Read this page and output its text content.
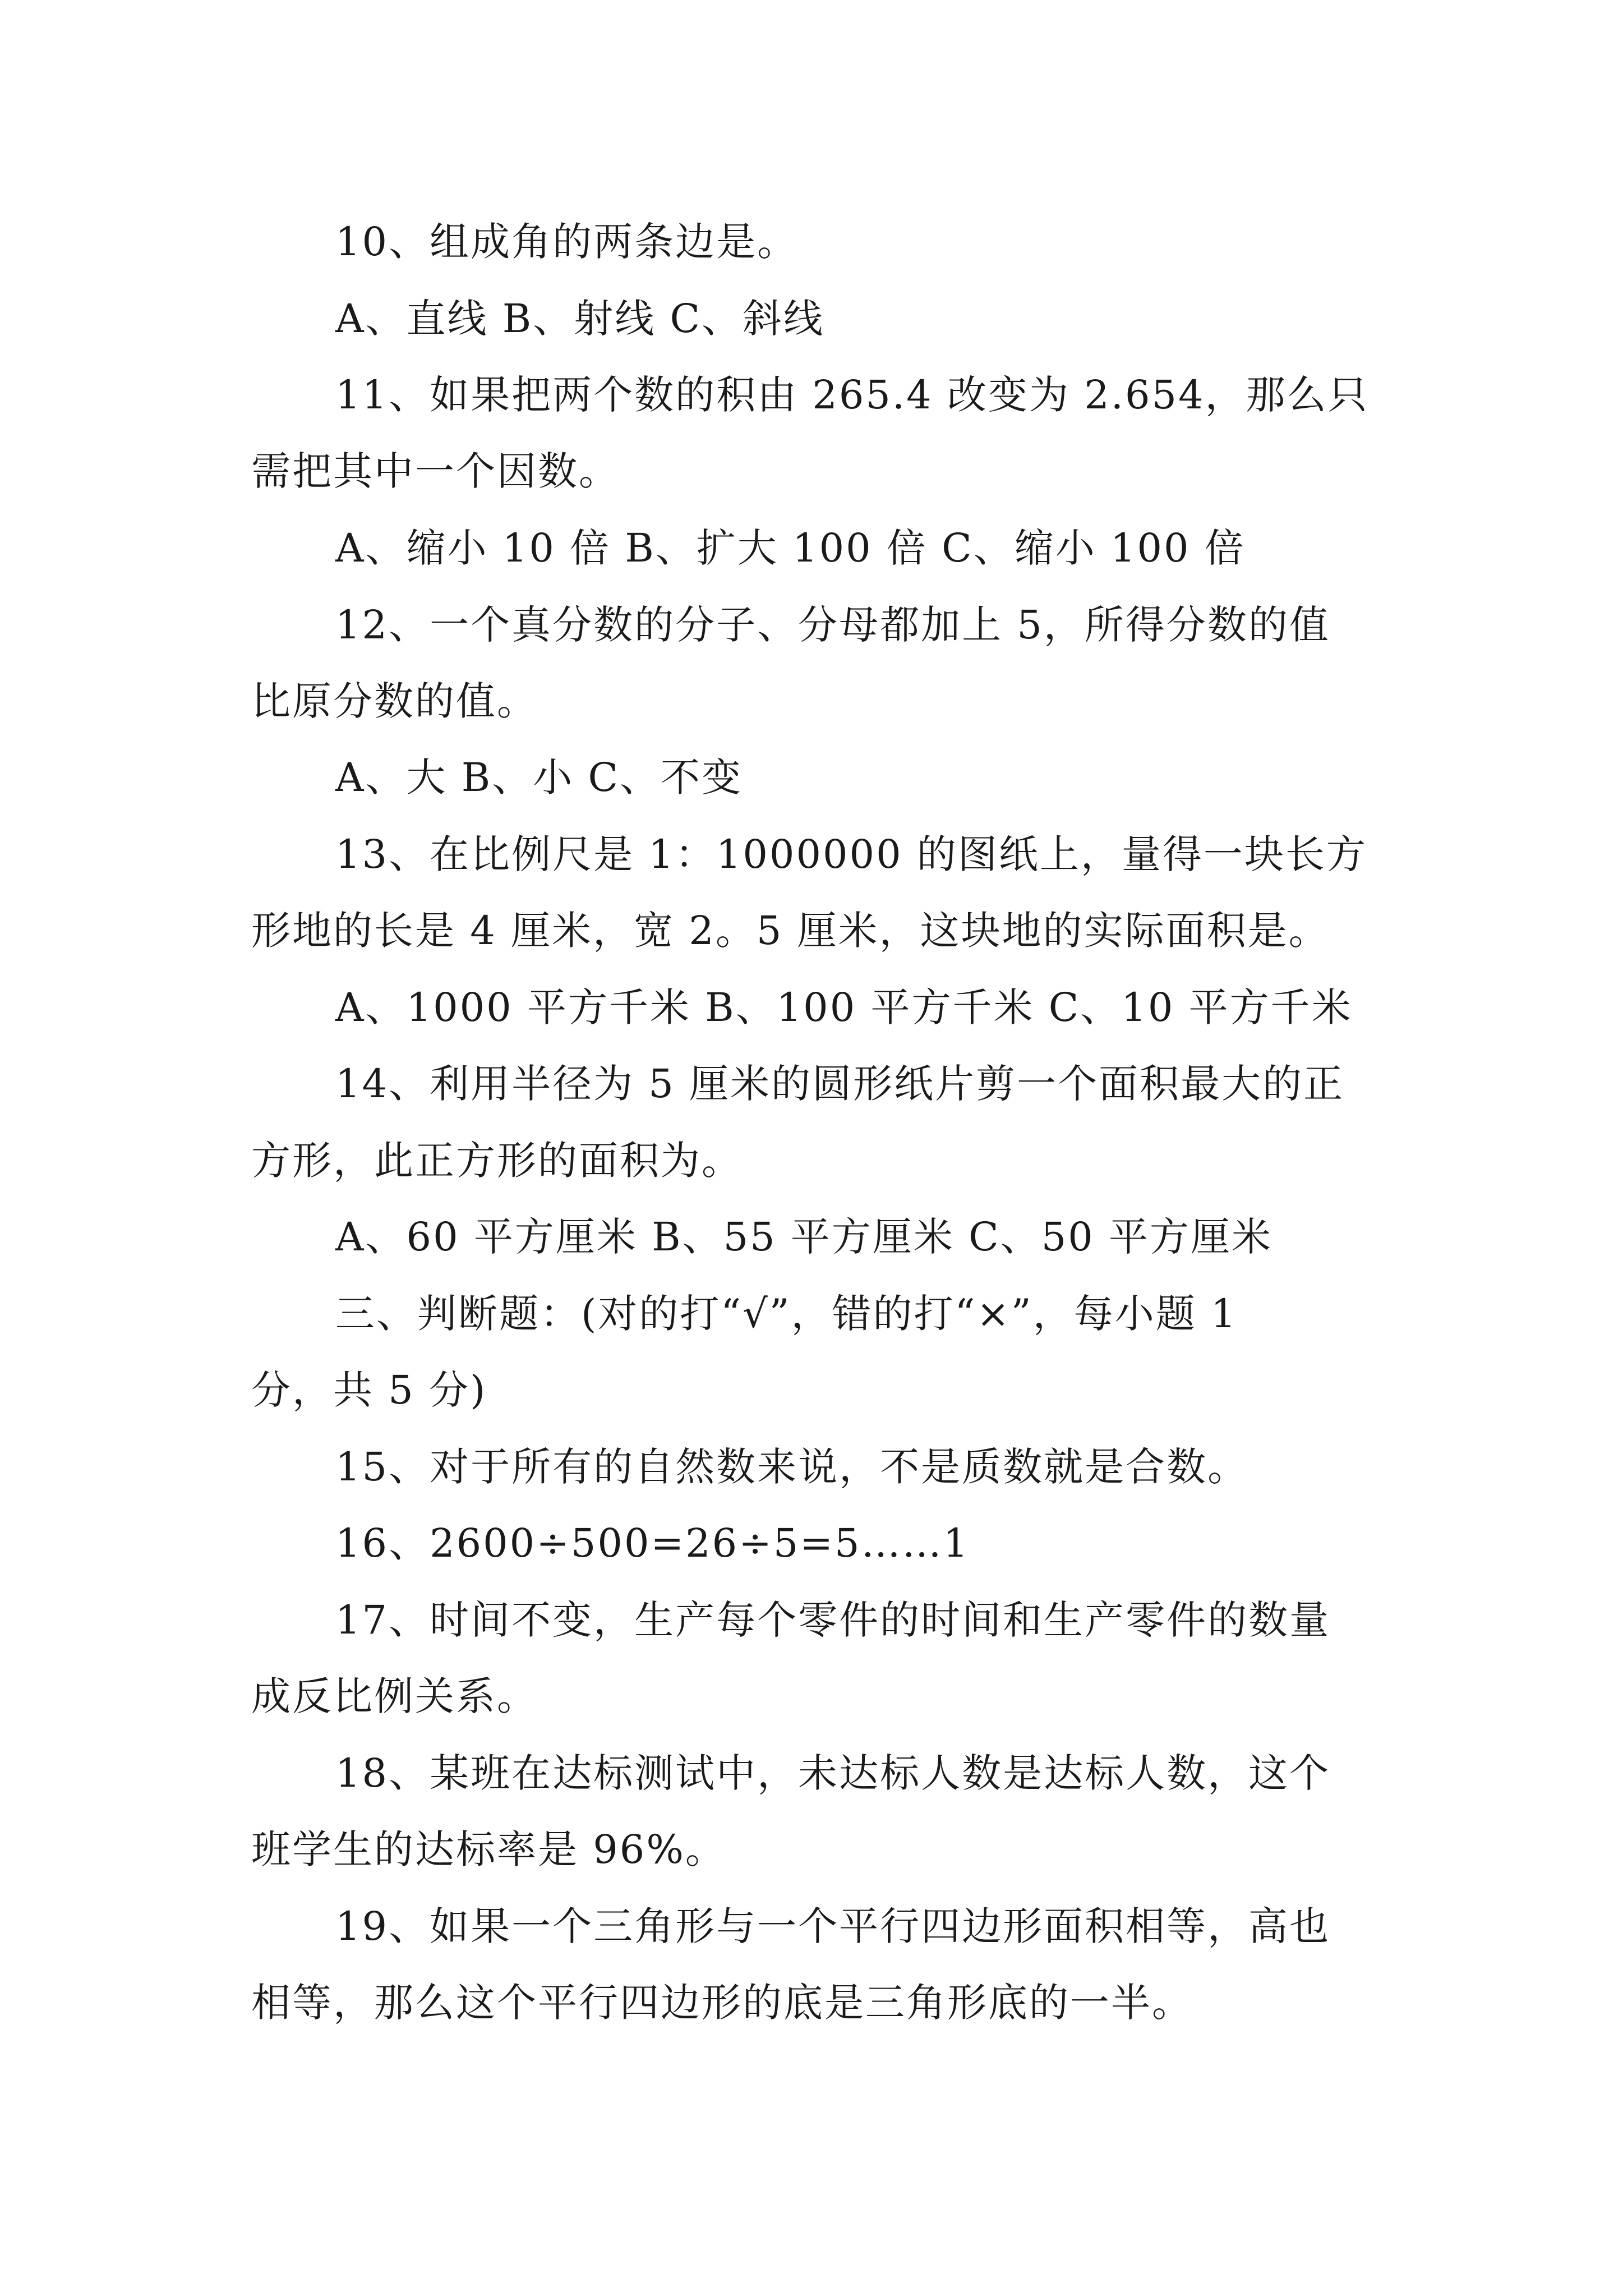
10、组成角的两条边是。
A、直线 B、射线 C、斜线
11、如果把两个数的积由 265.4 改变为 2.654，那么只
需把其中一个因数。
A、缩小 10 倍 B、扩大 100 倍 C、缩小 100 倍
12、一个真分数的分子、分母都加上 5，所得分数的值
比原分数的值。
A、大 B、小 C、不变
13、在比例尺是 1：1000000 的图纸上，量得一块长方
形地的长是 4 厘米，宽 2。5 厘米，这块地的实际面积是。
A、1000 平方千米 B、100 平方千米 C、10 平方千米
14、利用半径为 5 厘米的圆形纸片剪一个面积最大的正
方形，此正方形的面积为。
A、60 平方厘米 B、55 平方厘米 C、50 平方厘米
三、判断题：(对的打“√”，错的打“×”，每小题 1
分，共 5 分)
15、对于所有的自然数来说，不是质数就是合数。
16、2600÷500=26÷5=5……1
17、时间不变，生产每个零件的时间和生产零件的数量
成反比例关系。
18、某班在达标测试中，未达标人数是达标人数，这个
班学生的达标率是 96%。
19、如果一个三角形与一个平行四边形面积相等，高也
相等，那么这个平行四边形的底是三角形底的一半。
